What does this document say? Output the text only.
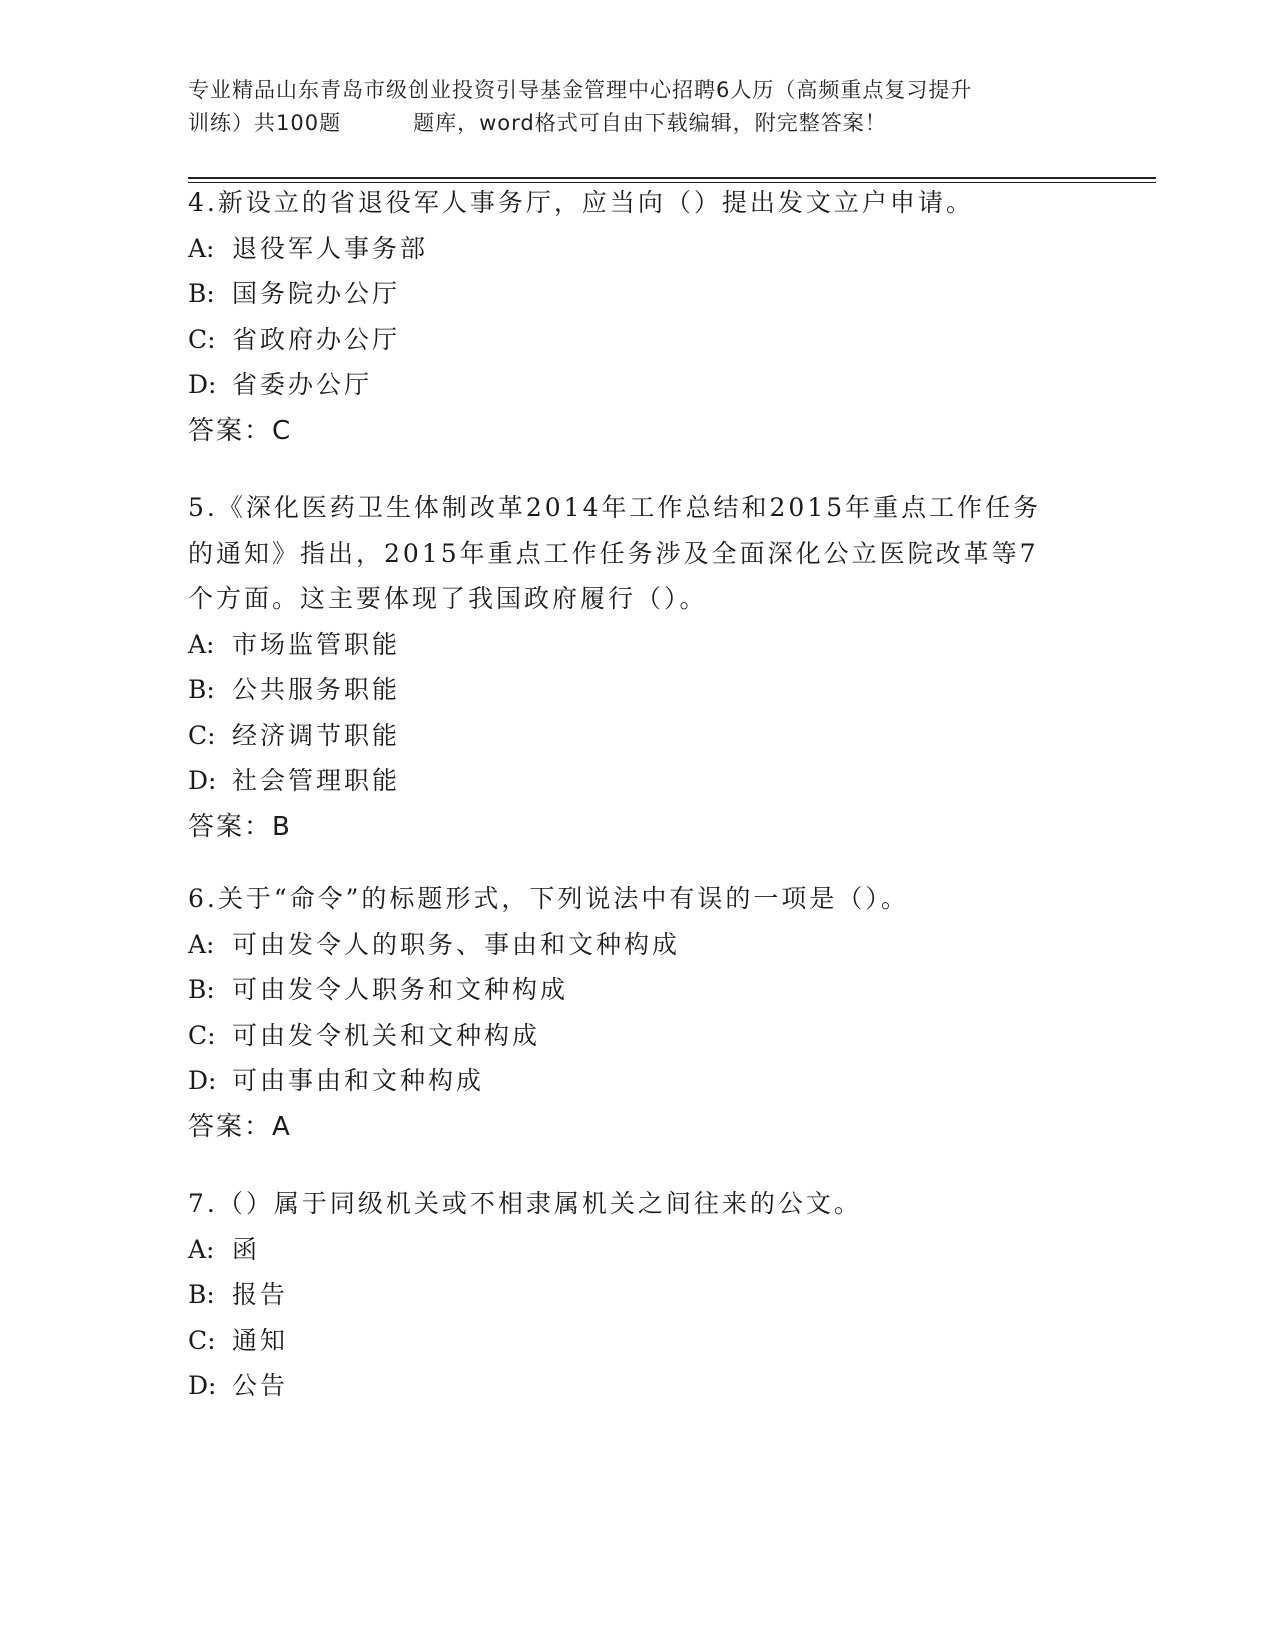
专业精品山东青岛市级创业投资引导基金管理中心招聘6人历（高频重点复习提升
训练）共100题	题库，word格式可自由下载编辑，附完整答案！

4.新设立的省退役军人事务厅，应当向（）提出发文立户申请。

A: 退役军人事务部

B: 国务院办公厅

C: 省政府办公厅

D: 省委办公厅

答案：C

5.《深化医药卫生体制改革2014年工作总结和2015年重点工作任务的通知》指出，2015年重点工作任务涉及全面深化公立医院改革等7个方面。这主要体现了我国政府履行（）。

A: 市场监管职能

B: 公共服务职能

C: 经济调节职能

D: 社会管理职能

答案：B

6.关于“命令”的标题形式，下列说法中有误的一项是（）。

A: 可由发令人的职务、事由和文种构成

B: 可由发令人职务和文种构成

C: 可由发令机关和文种构成

D: 可由事由和文种构成

答案：A

7.（）属于同级机关或不相隶属机关之间往来的公文。

A: 函

B: 报告

C: 通知

D: 公告
